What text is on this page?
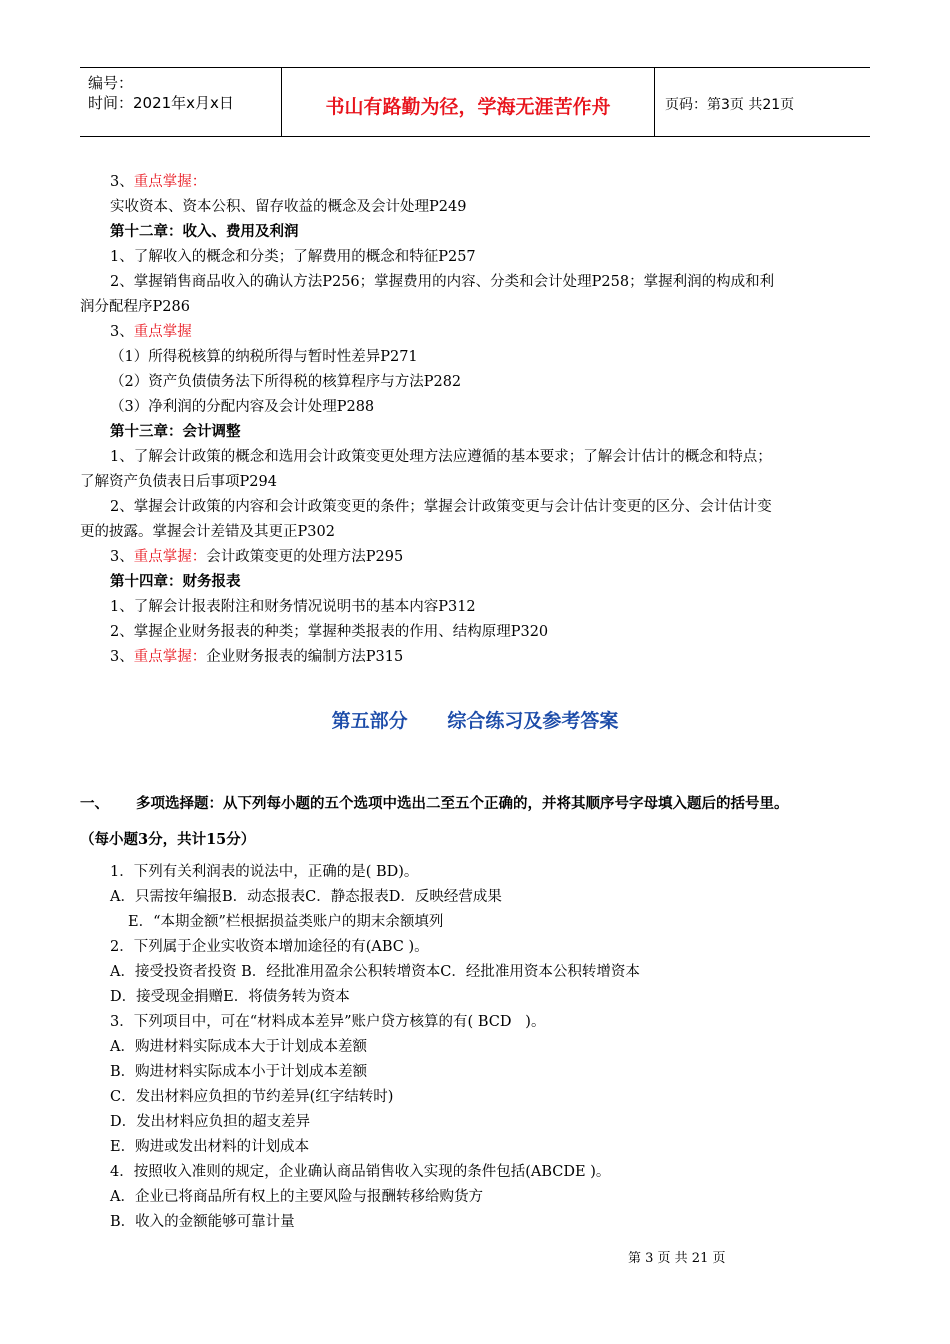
编号：
时间：2021年x月x日	书山有路勤为径，学海无涯苦作舟	页码：第3页 共21页
3、重点掌握：
实收资本、资本公积、留存收益的概念及会计处理P249
第十二章：收入、费用及利润
1、了解收入的概念和分类；了解费用的概念和特征P257
2、掌握销售商品收入的确认方法P256；掌握费用的内容、分类和会计处理P258；掌握利润的构成和利
润分配程序P286
3、重点掌握
（1）所得税核算的纳税所得与暂时性差异P271
（2）资产负债债务法下所得税的核算程序与方法P282
（3）净利润的分配内容及会计处理P288
第十三章：会计调整
1、了解会计政策的概念和选用会计政策变更处理方法应遵循的基本要求；了解会计估计的概念和特点；
了解资产负债表日后事项P294
2、掌握会计政策的内容和会计政策变更的条件；掌握会计政策变更与会计估计变更的区分、会计估计变
更的披露。掌握会计差错及其更正P302
3、重点掌握：会计政策变更的处理方法P295
第十四章：财务报表
1、了解会计报表附注和财务情况说明书的基本内容P312
2、掌握企业财务报表的种类；掌握种类报表的作用、结构原理P320
3、重点掌握：企业财务报表的编制方法P315
第五部分      综合练习及参考答案
一、 多项选择题：从下列每小题的五个选项中选出二至五个正确的，并将其顺序号字母填入题后的括号里。
（每小题3分，共计15分）
1．下列有关利润表的说法中，正确的是( BD)。
A．只需按年编报B．动态报表C．静态报表D．反映经营成果
E．“本期金额”栏根据损益类账户的期末余额填列
2．下列属于企业实收资本增加途径的有(ABC )。
A．接受投资者投资 B．经批准用盈余公积转增资本C．经批准用资本公积转增资本
D．接受现金捐赠E．将债务转为资本
3．下列项目中，可在“材料成本差异”账户贷方核算的有( BCD   )。
A．购进材料实际成本大于计划成本差额
B．购进材料实际成本小于计划成本差额
C．发出材料应负担的节约差异(红字结转时)
D．发出材料应负担的超支差异
E．购进或发出材料的计划成本
4．按照收入准则的规定，企业确认商品销售收入实现的条件包括(ABCDE )。
A．企业已将商品所有权上的主要风险与报酬转移给购货方
B．收入的金额能够可靠计量
第 3 页 共 21 页
